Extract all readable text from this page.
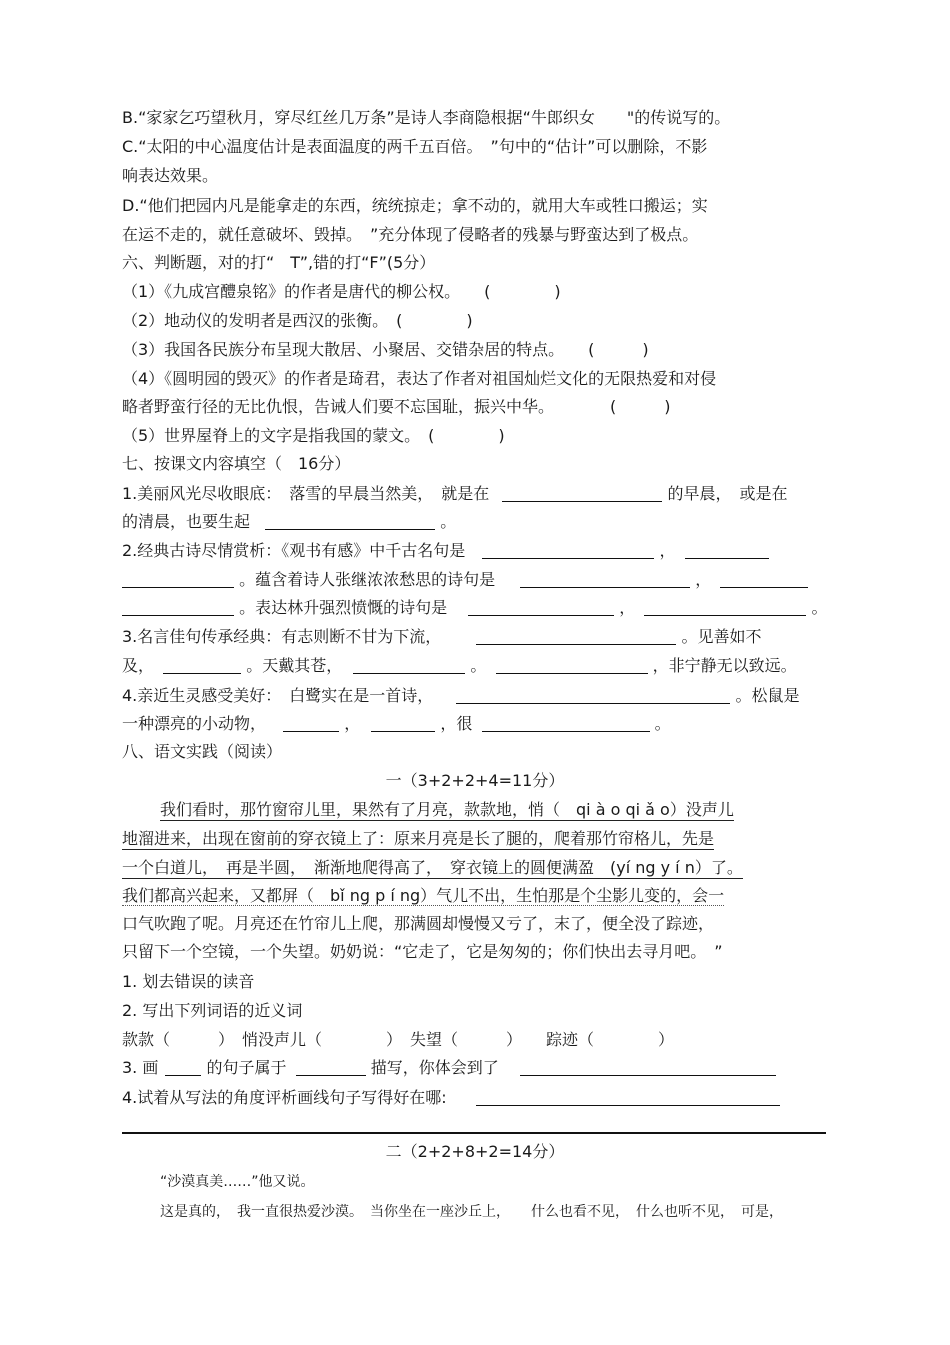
B.“家家乞巧望秋月，穿尽红丝几万条”是诗人李商隐根据“牛郎织女　　"的传说写的。
C.“太阳的中心温度估计是表面温度的两千五百倍。　”句中的“估计”可以删除，不影
响表达效果。
D.“他们把园内凡是能拿走的东西，统统掠走；拿不动的，就用大车或牲口搬运；实
在运不走的，就任意破坏、毁掉。　”充分体现了侵略者的残暴与野蛮达到了极点。
六、判断题，对的打“　T”,错的打“F”(5分）
（1）《九成宫醴泉铭》的作者是唐代的柳公权。　　(　　　　)
（2）地动仪的发明者是西汉的张衡。　(　　　　)
（3）我国各民族分布呈现大散居、小聚居、交错杂居的特点。　　(　　　)
（4）《圆明园的毁灭》的作者是琦君，表达了作者对祖国灿烂文化的无限热爱和对侵
略者野蛮行径的无比仇恨，告诫人们要不忘国耻，振兴中华。　　　　(　　　)
（5）世界屋脊上的文字是指我国的蒙文。　(　　　　)
七、按课文内容填空（　16分）
1.美丽风光尽收眼底：　落雪的早晨当然美，　就是在	的早晨，　或是在
的清晨，也要生起	。
2.经典古诗尽情赏析：《观书有感》中千古名句是	，
。蕴含着诗人张继浓浓愁思的诗句是	，
。表达林升强烈愤慨的诗句是	，	。
3.名言佳句传承经典：有志则断不甘为下流，	。见善如不
及，	。天戴其苍，	。	，非宁静无以致远。
4.亲近生灵感受美好：　白鹭实在是一首诗，	。松鼠是
一种漂亮的小动物，	，	，很	。
八、语文实践（阅读）
一（3+2+2+4=11分）
我们看时，那竹窗帘儿里，果然有了月亮，款款地，悄（　qi à o qi ǎ o）没声儿
地溜进来，出现在窗前的穿衣镜上了：原来月亮是长了腿的，爬着那竹帘格儿，先是
一个白道儿，　再是半圆，　渐渐地爬得高了，　穿衣镜上的圆便满盈　(yí ng y í n）了。
我们都高兴起来，又都屏（　bǐ ng p í ng）气儿不出，生怕那是个尘影儿变的，会一
口气吹跑了呢。月亮还在竹帘儿上爬，那满圆却慢慢又亏了，末了，便全没了踪迹，
只留下一个空镜，一个失望。奶奶说：“它走了，它是匆匆的；你们快出去寻月吧。　”
1. 划去错误的读音
2. 写出下列词语的近义词
款款（　　　）　悄没声儿（　　　　）　失望（　　　）　　踪迹（　　　　）
3. 画	的句子属于	描写，你体会到了
4.试着从写法的角度评析画线句子写得好在哪:
二（2+2+8+2=14分）
“沙漠真美……”他又说。
这是真的，　我一直很热爱沙漠。　当你坐在一座沙丘上，　　什么也看不见，　什么也听不见，　可是，
